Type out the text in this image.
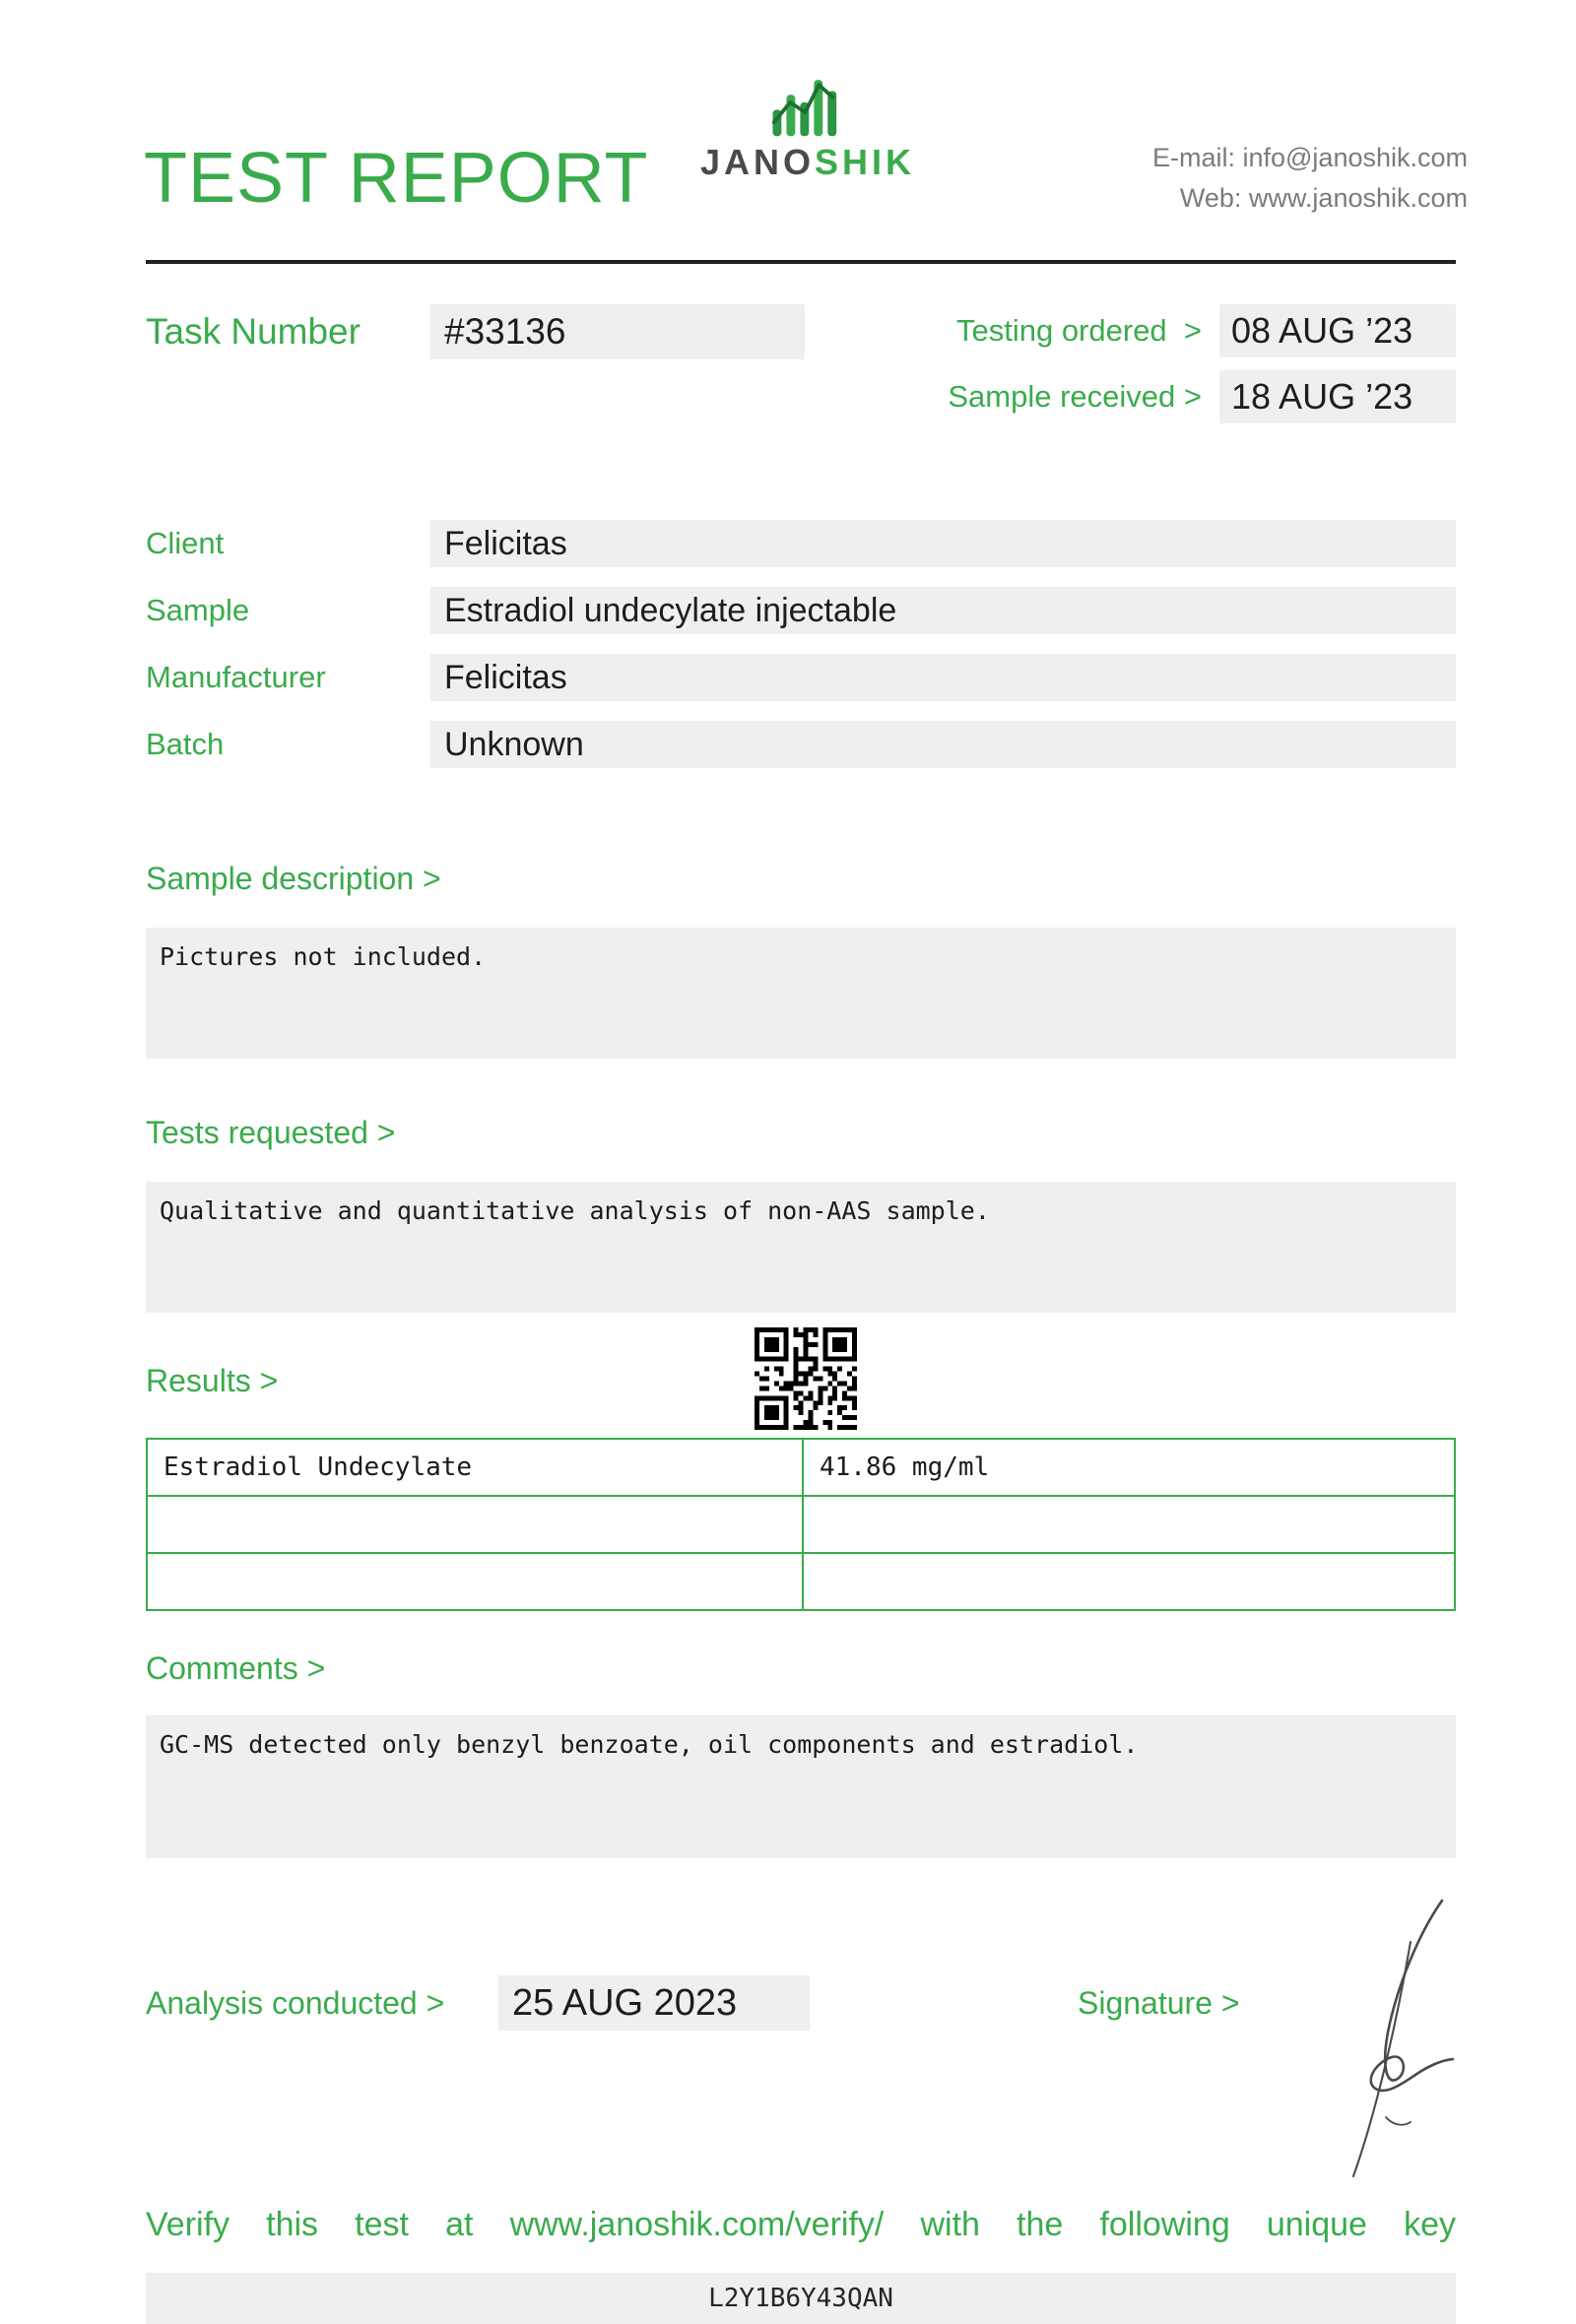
TEST REPORT	JANOSHIK	E-mail: info@janoshik.com
Web: www.janoshik.com
Task Number	#33136	Testing ordered  > 08 AUG ’23
Sample received > 18 AUG ’23
Client	Felicitas
Sample	Estradiol undecylate injectable
Manufacturer	Felicitas
Batch	Unknown
Sample description >
Pictures not included.
Tests requested >
Qualitative and quantitative analysis of non-AAS sample.
Results >
Estradiol Undecylate	41.86 mg/ml

Comments >
GC-MS detected only benzyl benzoate, oil components and estradiol.
Analysis conducted >	25 AUG 2023	Signature >
Verify this test at www.janoshik.com/verify/ with the following unique key
L2Y1B6Y43QAN
